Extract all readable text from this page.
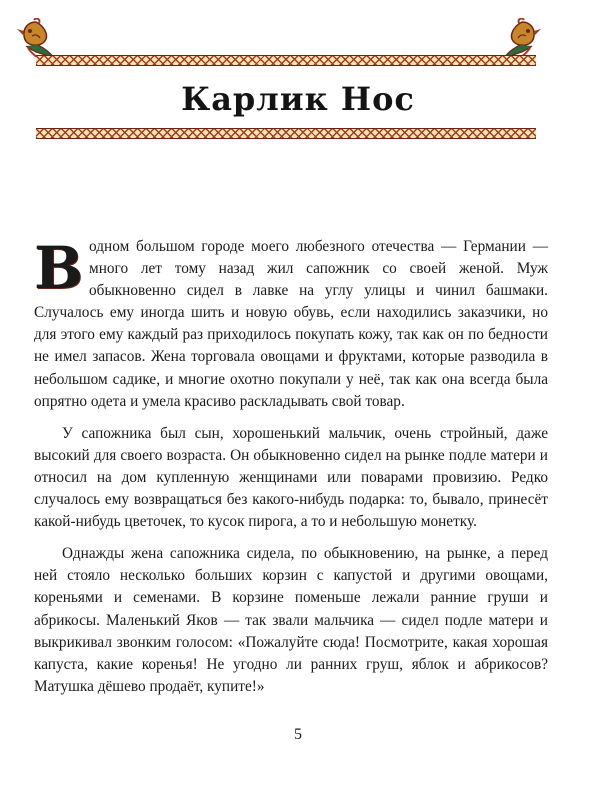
Карлик Нос

Водном большом городе моего любезного отечества — Германии — много лет тому назад жил сапожник со своей женой. Муж обыкновенно сидел в лавке на углу улицы и чинил башмаки. Случалось ему иногда шить и новую обувь, если находились заказчики, но для этого ему каждый раз приходилось покупать кожу, так как он по бедности не имел запасов. Жена торговала овощами и фруктами, которые разводила в небольшом садике, и многие охотно покупали у неё, так как она всегда была опрятно одета и умела красиво раскладывать свой товар.

У сапожника был сын, хорошенький мальчик, очень стройный, даже высокий для своего возраста. Он обыкновенно сидел на рынке подле матери и относил на дом купленную женщинами или поварами провизию. Редко случалось ему возвращаться без какого-нибудь подарка: то, бывало, принесёт какой-нибудь цветочек, то кусок пирога, а то и небольшую монетку.

Однажды жена сапожника сидела, по обыкновению, на рынке, а перед ней стояло несколько больших корзин с капустой и другими овощами, кореньями и семенами. В корзине поменьше лежали ранние груши и абрикосы. Маленький Яков — так звали мальчика — сидел подле матери и выкрикивал звонким голосом: «Пожалуйте сюда! Посмотрите, какая хорошая капуста, какие коренья! Не угодно ли ранних груш, яблок и абрикосов? Матушка дёшево продаёт, купите!»

5
